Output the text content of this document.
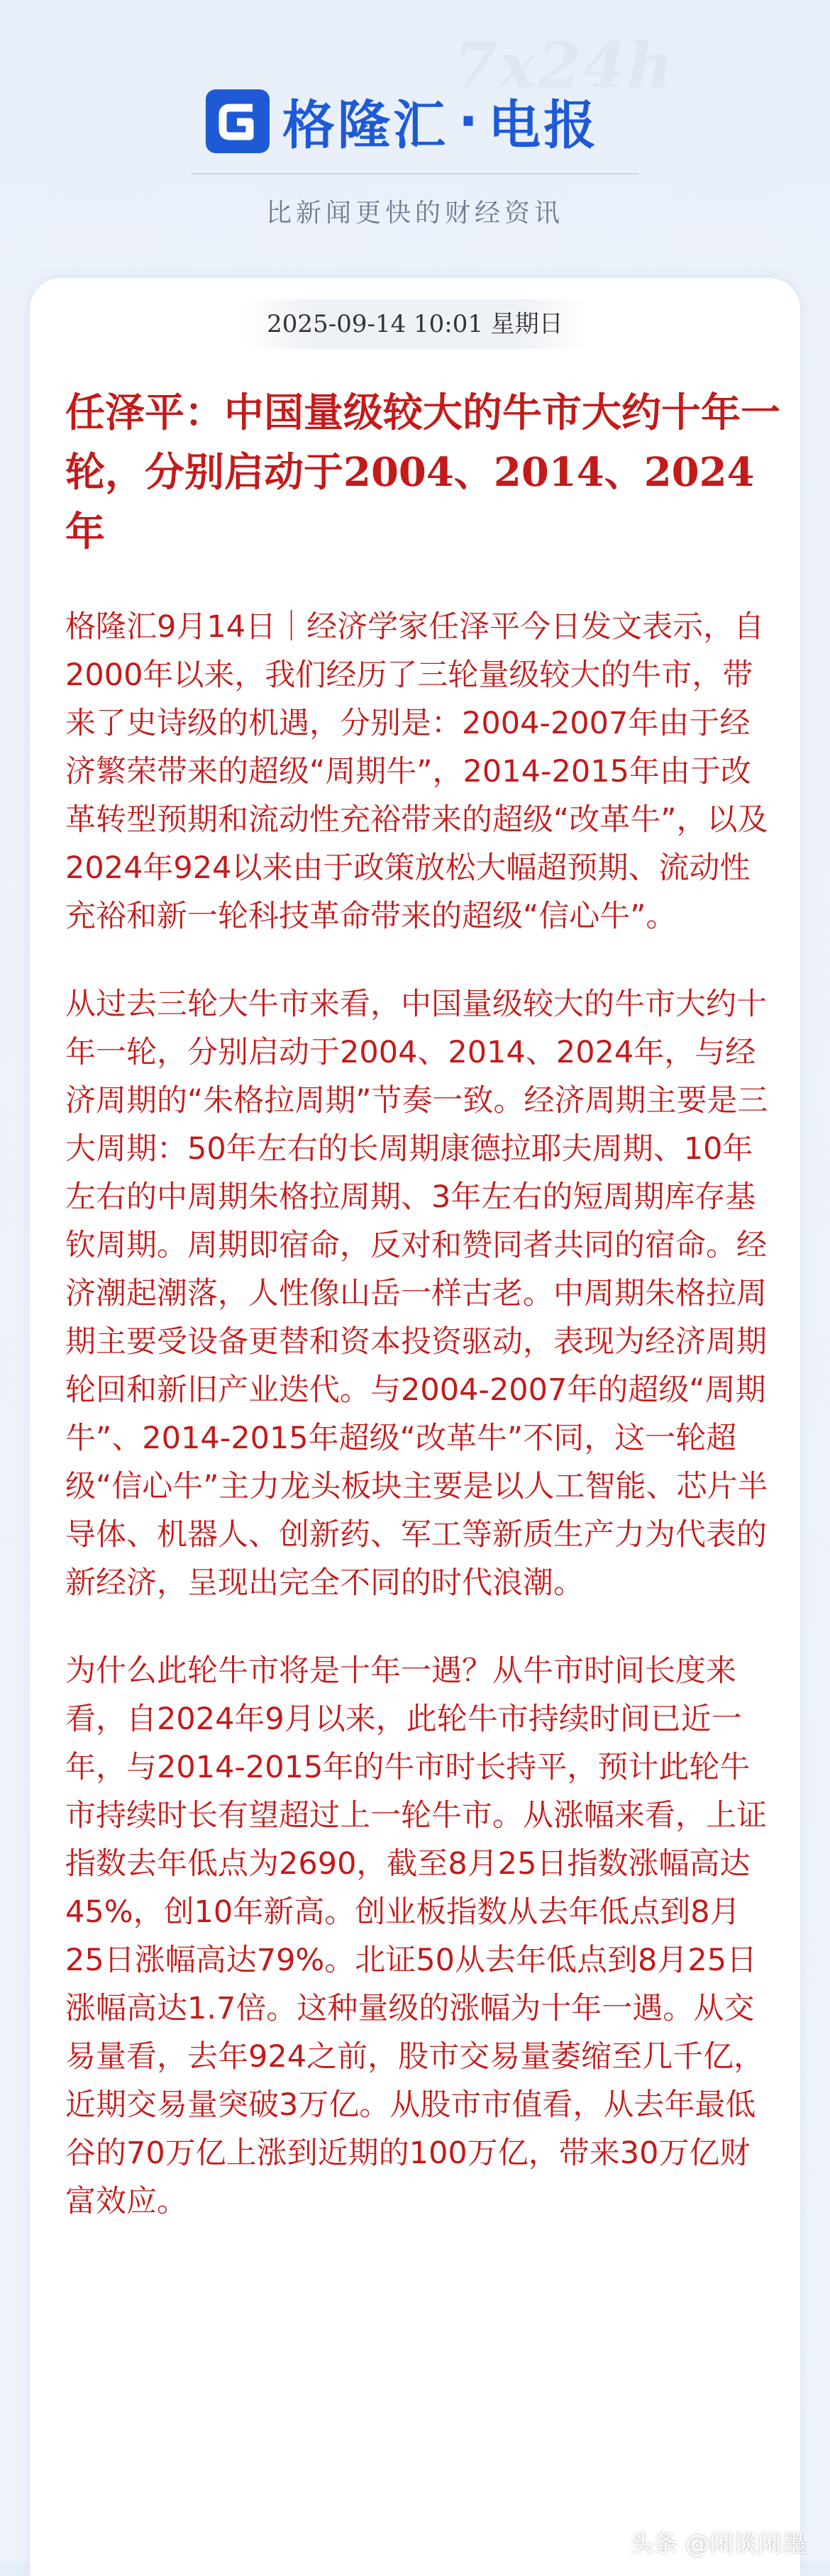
7x24h
格隆汇 · 电报
比新闻更快的财经资讯
2025-09-14 10:01 星期日
任泽平：中国量级较大的牛市大约十年一轮，分别启动于2004、2014、2024年

格隆汇9月14日｜经济学家任泽平今日发文表示，自2000年以来，我们经历了三轮量级较大的牛市，带来了史诗级的机遇，分别是：2004-2007年由于经济繁荣带来的超级“周期牛”，2014-2015年由于改革转型预期和流动性充裕带来的超级“改革牛”，以及2024年924以来由于政策放松大幅超预期、流动性充裕和新一轮科技革命带来的超级“信心牛”。

从过去三轮大牛市来看，中国量级较大的牛市大约十年一轮，分别启动于2004、2014、2024年，与经济周期的“朱格拉周期”节奏一致。经济周期主要是三大周期：50年左右的长周期康德拉耶夫周期、10年左右的中周期朱格拉周期、3年左右的短周期库存基钦周期。周期即宿命，反对和赞同者共同的宿命。经济潮起潮落，人性像山岳一样古老。中周期朱格拉周期主要受设备更替和资本投资驱动，表现为经济周期轮回和新旧产业迭代。与2004-2007年的超级“周期牛”、2014-2015年超级“改革牛”不同，这一轮超级“信心牛”主力龙头板块主要是以人工智能、芯片半导体、机器人、创新药、军工等新质生产力为代表的新经济，呈现出完全不同的时代浪潮。

为什么此轮牛市将是十年一遇？从牛市时间长度来看，自2024年9月以来，此轮牛市持续时间已近一年，与2014-2015年的牛市时长持平，预计此轮牛市持续时长有望超过上一轮牛市。从涨幅来看，上证指数去年低点为2690，截至8月25日指数涨幅高达45%，创10年新高。创业板指数从去年低点到8月25日涨幅高达79%。北证50从去年低点到8月25日涨幅高达1.7倍。这种量级的涨幅为十年一遇。从交易量看，去年924之前，股市交易量萎缩至几千亿，近期交易量突破3万亿。从股市市值看，从去年最低谷的70万亿上涨到近期的100万亿，带来30万亿财富效应。

头条 @闲谈闲墨
